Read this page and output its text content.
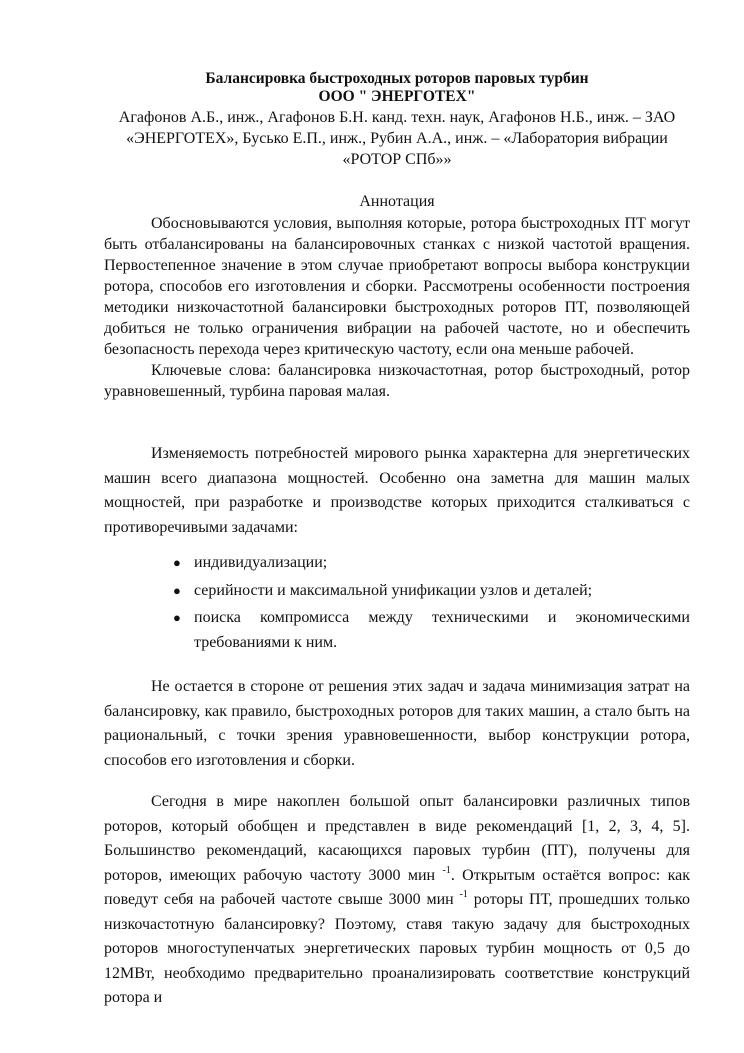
Балансировка быстроходных роторов паровых турбин
ООО " ЭНЕРГОТЕХ"
Агафонов А.Б., инж., Агафонов Б.Н. канд. техн. наук, Агафонов Н.Б., инж. – ЗАО «ЭНЕРГОТЕХ», Бусько Е.П., инж., Рубин А.А., инж. – «Лаборатория вибрации «РОТОР СПб»»
Аннотация

Обосновываются условия, выполняя которые, ротора быстроходных ПТ могут быть отбалансированы на балансировочных станках с низкой частотой вращения. Первостепенное значение в этом случае приобретают вопросы выбора конструкции ротора, способов его изготовления и сборки. Рассмотрены особенности построения методики низкочастотной балансировки быстроходных роторов ПТ, позволяющей добиться не только ограничения вибрации на рабочей частоте, но и обеспечить безопасность перехода через критическую частоту, если она меньше рабочей.

Ключевые слова: балансировка низкочастотная, ротор быстроходный, ротор уравновешенный, турбина паровая малая.

Изменяемость потребностей мирового рынка характерна для энергетических машин всего диапазона мощностей. Особенно она заметна для машин малых мощностей, при разработке и производстве которых приходится сталкиваться с противоречивыми задачами:

● индивидуализации;
● серийности и максимальной унификации узлов и деталей;
● поиска компромисса между техническими и экономическими требованиями к ним.

Не остается в стороне от решения этих задач и задача минимизация затрат на балансировку, как правило, быстроходных роторов для таких машин, а стало быть на рациональный, с точки зрения уравновешенности, выбор конструкции ротора, способов его изготовления и сборки.

Сегодня в мире накоплен большой опыт балансировки различных типов роторов, который обобщен и представлен в виде рекомендаций [1, 2, 3, 4, 5]. Большинство рекомендаций, касающихся паровых турбин (ПТ), получены для роторов, имеющих рабочую частоту 3000 мин $^{-1}$. Открытым остаётся вопрос: как поведут себя на рабочей частоте свыше 3000 мин $^{-1}$ роторы ПТ, прошедших только низкочастотную балансировку? Поэтому, ставя такую задачу для быстроходных роторов многоступенчатых энергетических паровых турбин мощность от 0,5 до 12МВт, необходимо предварительно проанализировать соответствие конструкций ротора и
